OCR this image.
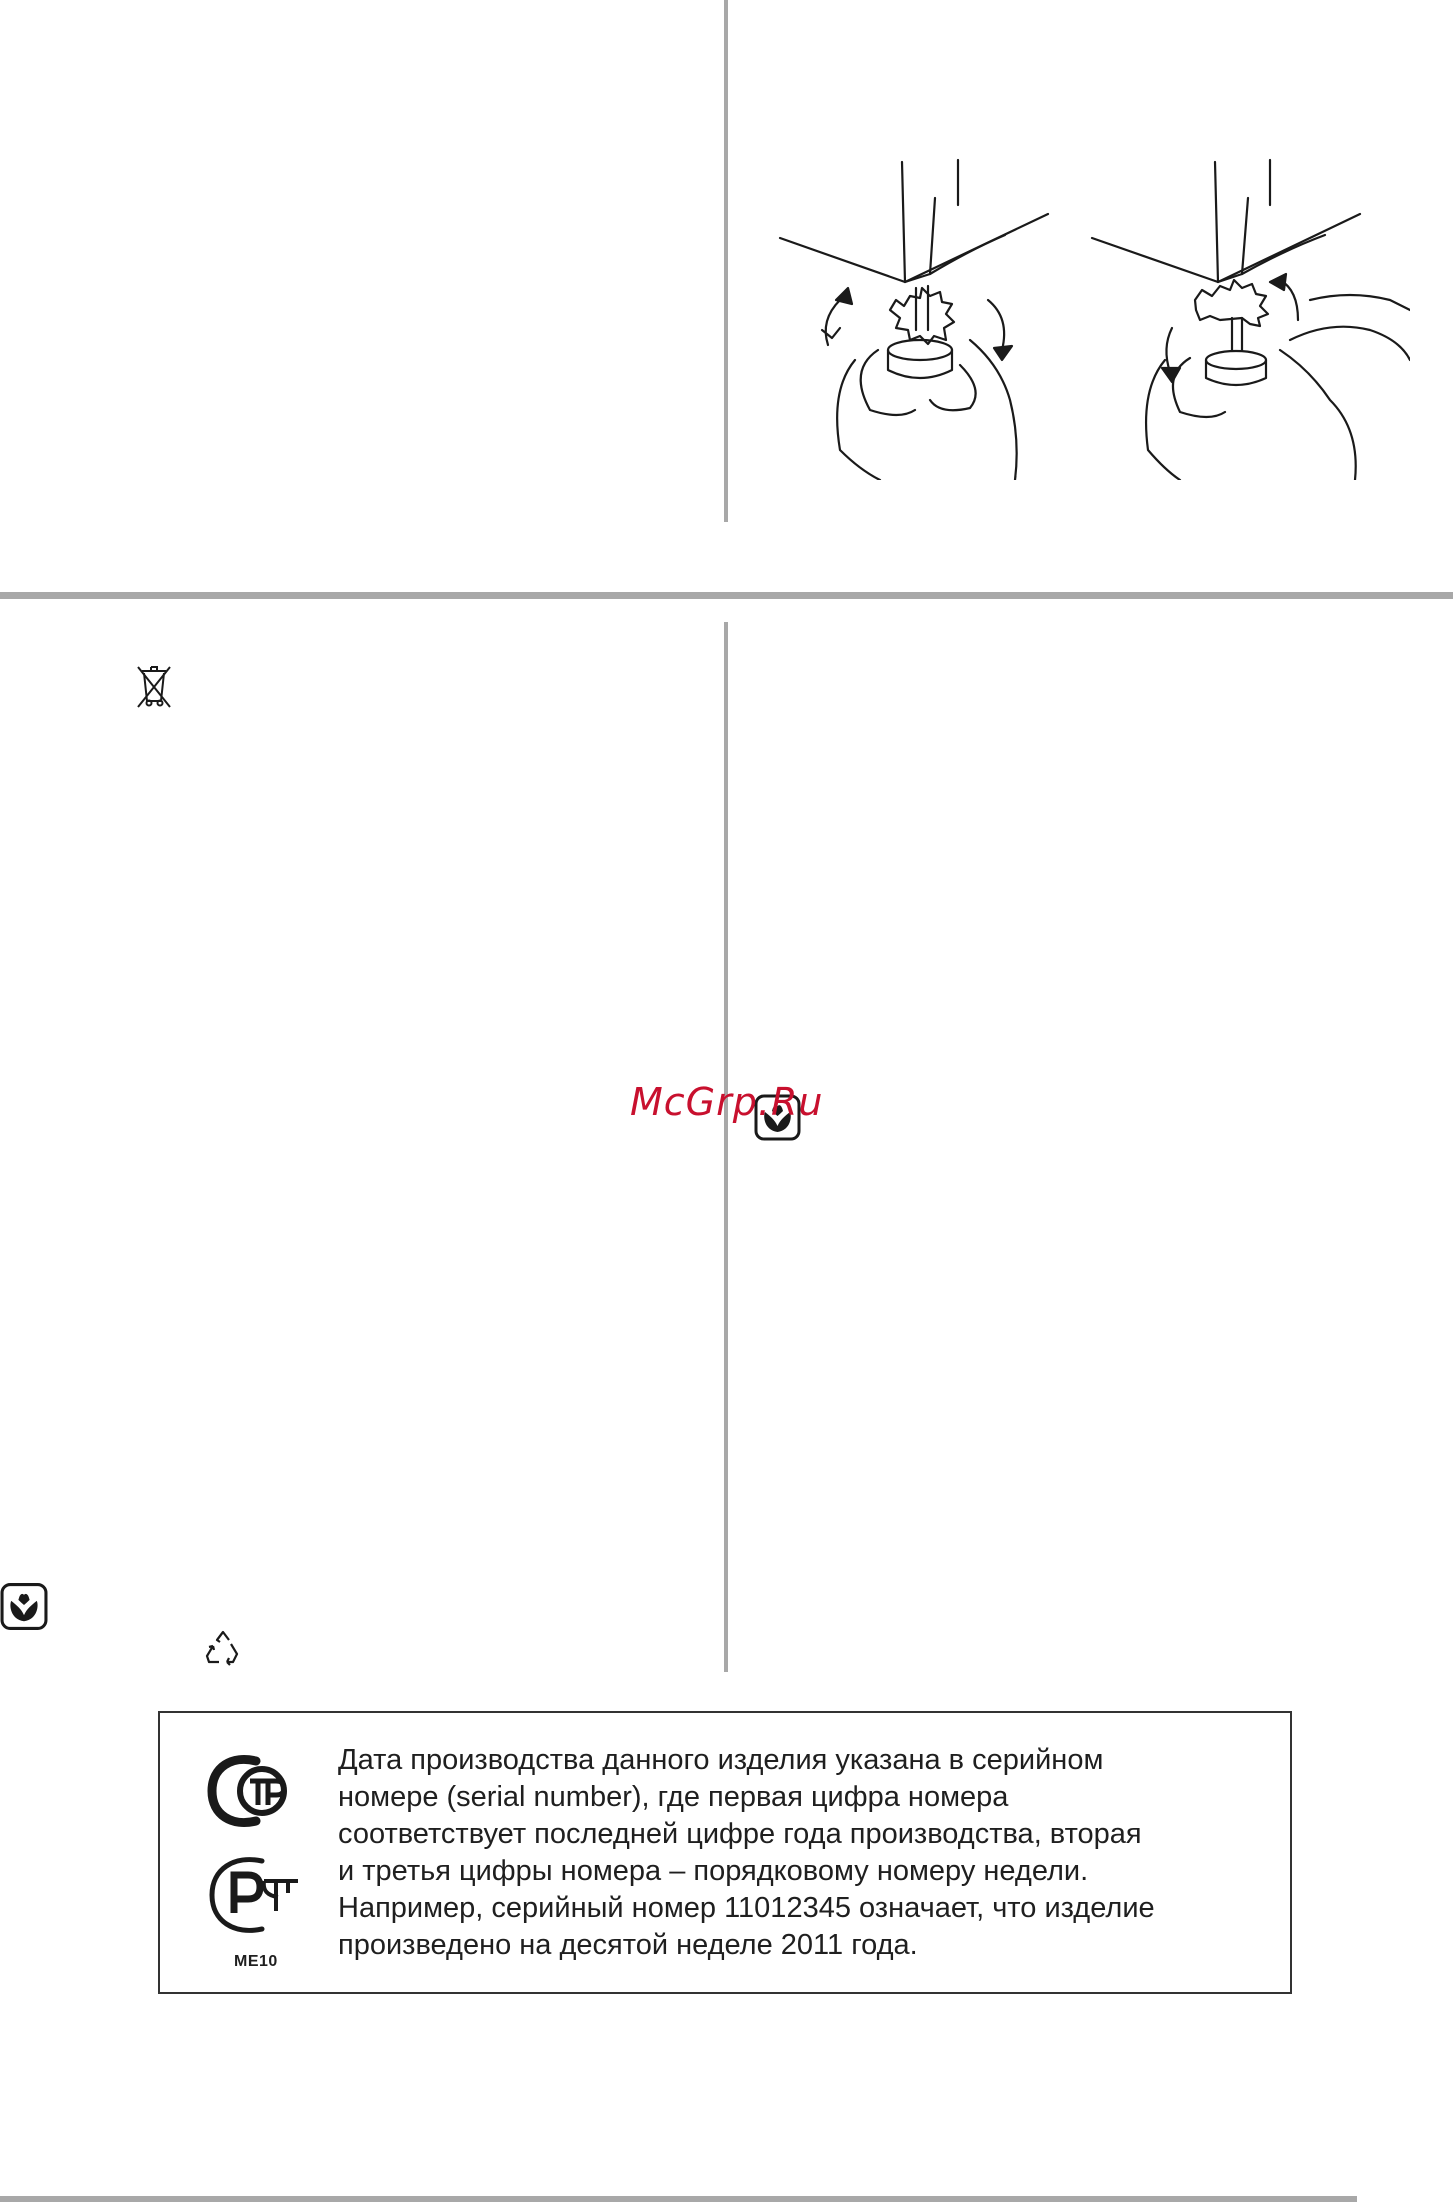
McGrp.Ru
ME10
Дата производства данного изделия указана в серийном
номере (serial number), где первая цифра номера
соответствует последней цифре года производства, вторая
и третья цифры номера – порядковому номеру недели.
Например, серийный номер 11012345 означает, что изделие
произведено на десятой неделе 2011 года.
